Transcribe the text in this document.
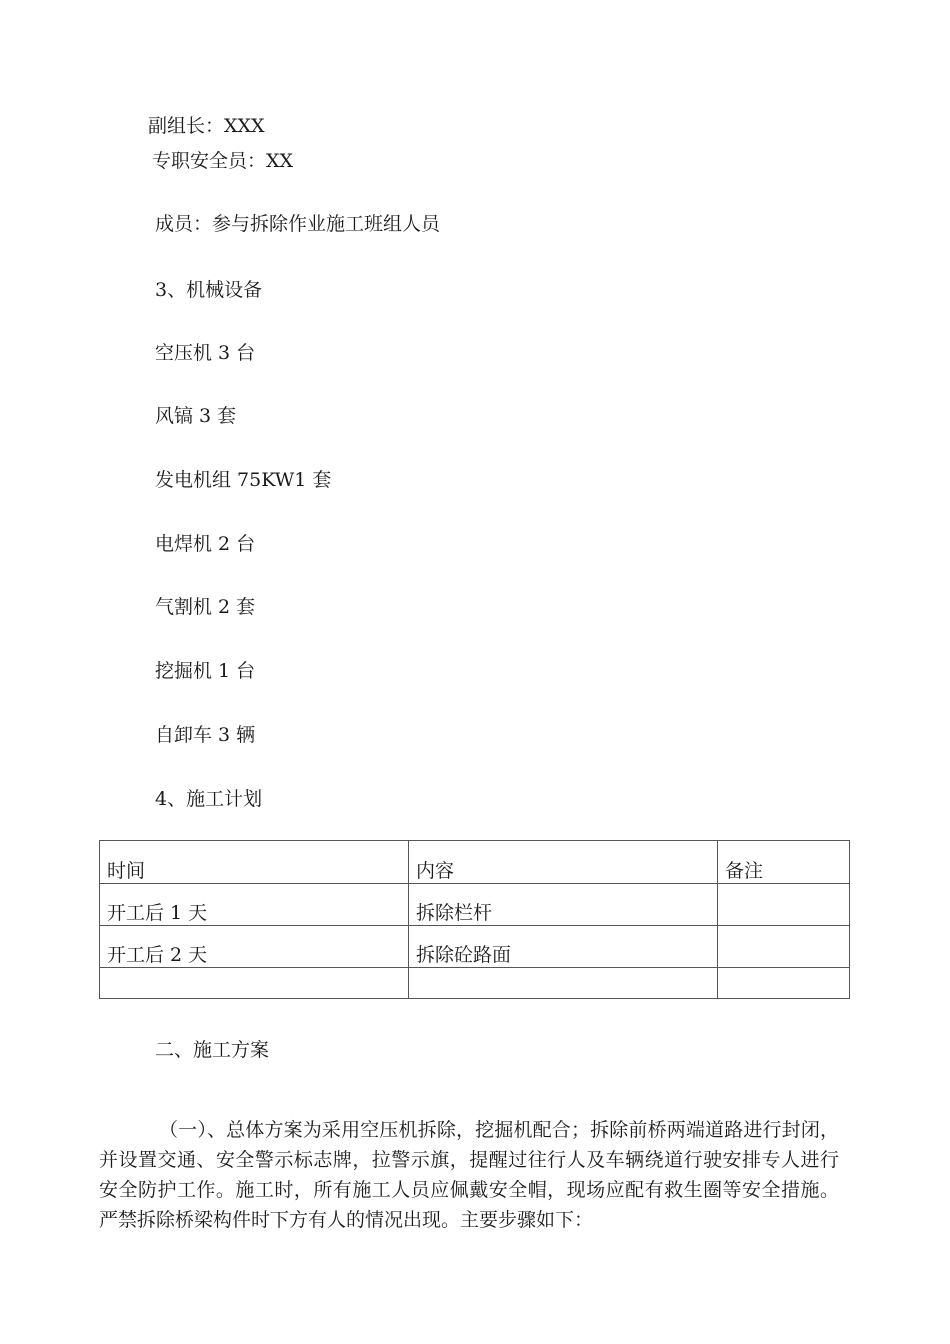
副组长：XXX
专职安全员：XX
成员：参与拆除作业施工班组人员
3、机械设备
空压机 3 台
风镐 3 套
发电机组 75KW1 套
电焊机 2 台
气割机 2 套
挖掘机 1 台
自卸车 3 辆
4、施工计划
时间	内容	备注
开工后 1 天	拆除栏杆	
开工后 2 天	拆除砼路面	

二、施工方案

（一）、总体方案为采用空压机拆除，挖掘机配合；拆除前桥两端道路进行封闭，并设置交通、安全警示标志牌，拉警示旗，提醒过往行人及车辆绕道行驶安排专人进行安全防护工作。施工时，所有施工人员应佩戴安全帽，现场应配有救生圈等安全措施。严禁拆除桥梁构件时下方有人的情况出现。主要步骤如下：
